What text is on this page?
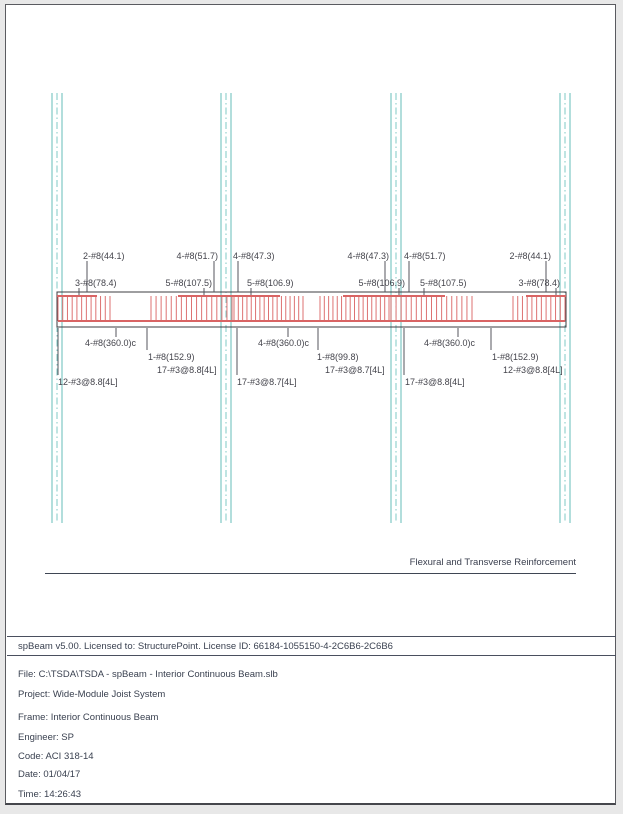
2-#8(44.1)	4-#8(51.7) 4-#8(47.3)	4-#8(47.3) 4-#8(51.7)	2-#8(44.1)
3-#8(78.4)	5-#8(107.5)	5-#8(106.9)	5-#8(106.9) 5-#8(107.5)	3-#8(78.4)
4-#8(360.0)c	4-#8(360.0)c	4-#8(360.0)c
1-#8(152.9)	1-#8(99.8)	1-#8(152.9)
17-#3@8.8[4L]	17-#3@8.7[4L]	12-#3@8.8[4L]
12-#3@8.8[4L]	17-#3@8.7[4L]	17-#3@8.8[4L]
Flexural and Transverse Reinforcement
spBeam v5.00. Licensed to: StructurePoint. License ID: 66184-1055150-4-2C6B6-2C6B6
File: C:\TSDA\TSDA - spBeam - Interior Continuous Beam.slb
Project: Wide-Module Joist System
Frame: Interior Continuous Beam
Engineer: SP
Code: ACI 318-14
Date: 01/04/17
Time: 14:26:43
